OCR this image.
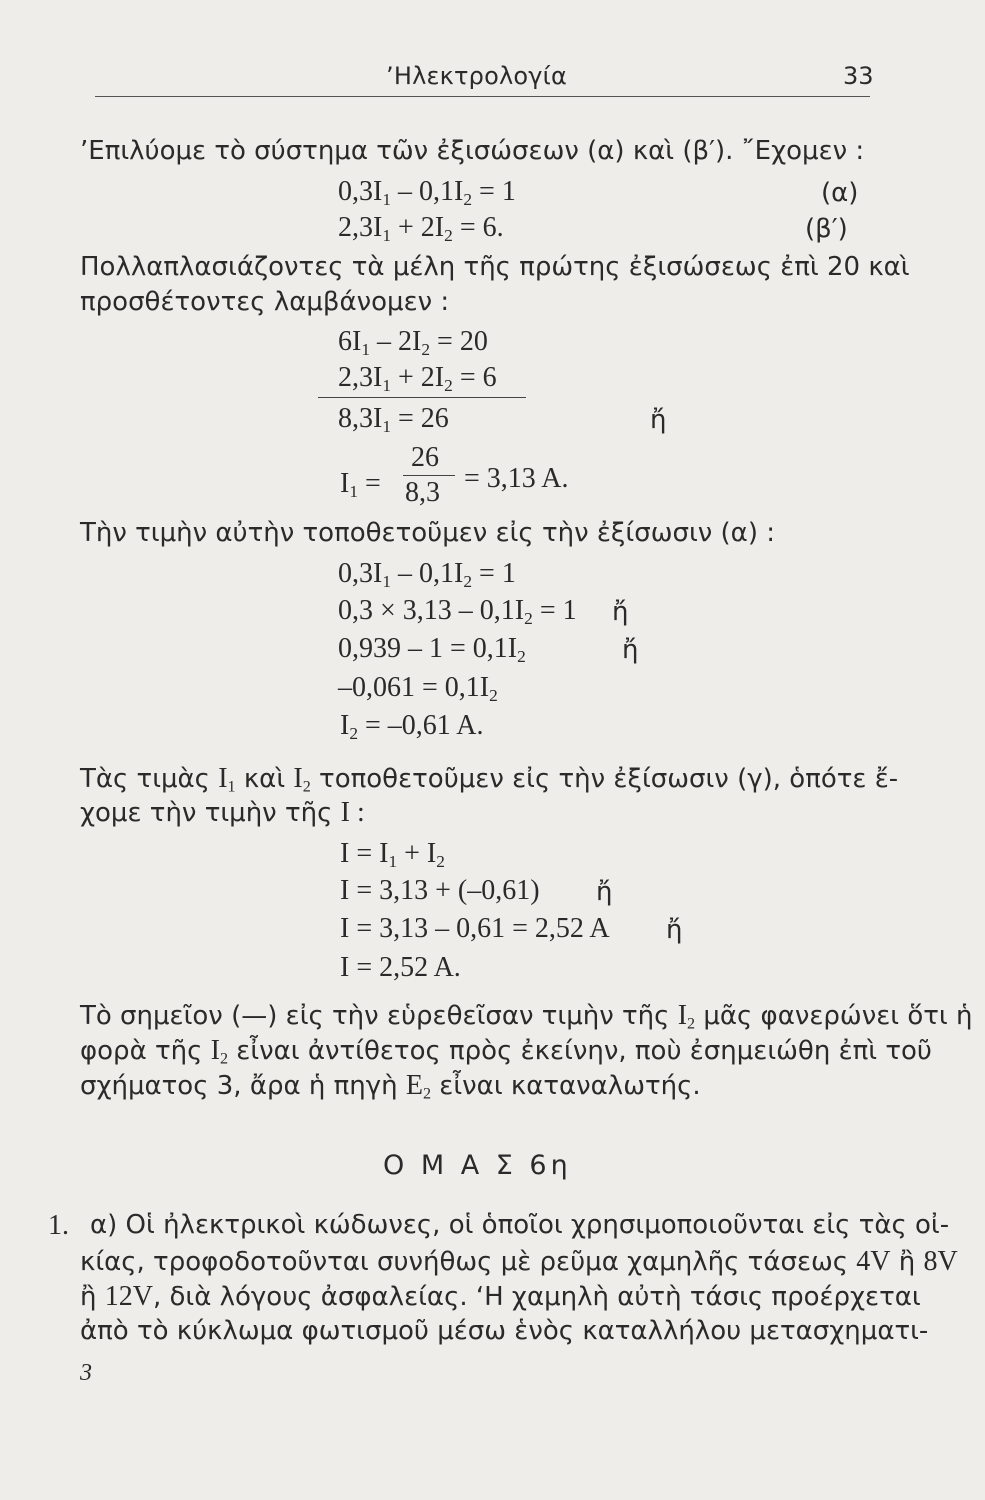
’Ηλεκτρολογία	33
’Επιλύομε τὸ σύστημα τῶν ἐξισώσεων (α) καὶ (β′). ῎Εχομεν :
$0,3I_1 - 0,1I_2 = 1$	(α)
$2,3I_1 + 2I_2 = 6$.	(β′)
Πολλαπλασιάζοντες τὰ μέλη τῆς πρώτης ἐξισώσεως ἐπὶ 20 καὶ
προσθέτοντες λαμβάνομεν :
$6I_1 - 2I_2 = 20$
$2,3I_1 + 2I_2 = 6$
$8,3I_1 = 26$	ἤ
$I_1$ =
26
8,3 = 3,13 A.
Τὴν τιμὴν αὐτὴν τοποθετοῦμεν εἰς τὴν ἐξίσωσιν (α) :
$0,3I_1 - 0,1I_2 = 1$
$0,3 \times 3,13 - 0,1I_2 = 1$ ἤ
$0,939 - 1 = 0,1I_2$	ἤ
$-0,061 = 0,1I_2$
$I_2 = -0,61$ A.
Τὰς τιμὰς $I_1$ καὶ $I_2$ τοποθετοῦμεν εἰς τὴν ἐξίσωσιν (γ), ὁπότε ἔ-
χομε τὴν τιμὴν τῆς I :
$I = I_1 + I_2$
I = 3,13 + (–0,61) ἤ
I = 3,13 – 0,61 = 2,52 A ἤ
I = 2,52 A.
Τὸ σημεῖον (—) εἰς τὴν εὑρεθεῖσαν τιμὴν τῆς $I_2$ μᾶς φανερώνει ὅτι ἡ
φορὰ τῆς $I_2$ εἶναι ἀντίθετος πρὸς ἐκείνην, ποὺ ἐσημειώθη ἐπὶ τοῦ
σχήματος 3, ἄρα ἡ πηγὴ $E_2$ εἶναι καταναλωτής.
Ο Μ Α Σ 6η
1. α) Οἱ ἠλεκτρικοὶ κώδωνες, οἱ ὁποῖοι χρησιμοποιοῦνται εἰς τὰς οἰ-
κίας, τροφοδοτοῦνται συνήθως μὲ ρεῦμα χαμηλῆς τάσεως 4V ἢ 8V
ἢ 12V, διὰ λόγους ἀσφαλείας. ‘Η χαμηλὴ αὐτὴ τάσις προέρχεται
ἀπὸ τὸ κύκλωμα φωτισμοῦ μέσω ἑνὸς καταλλήλου μετασχηματι-
3
